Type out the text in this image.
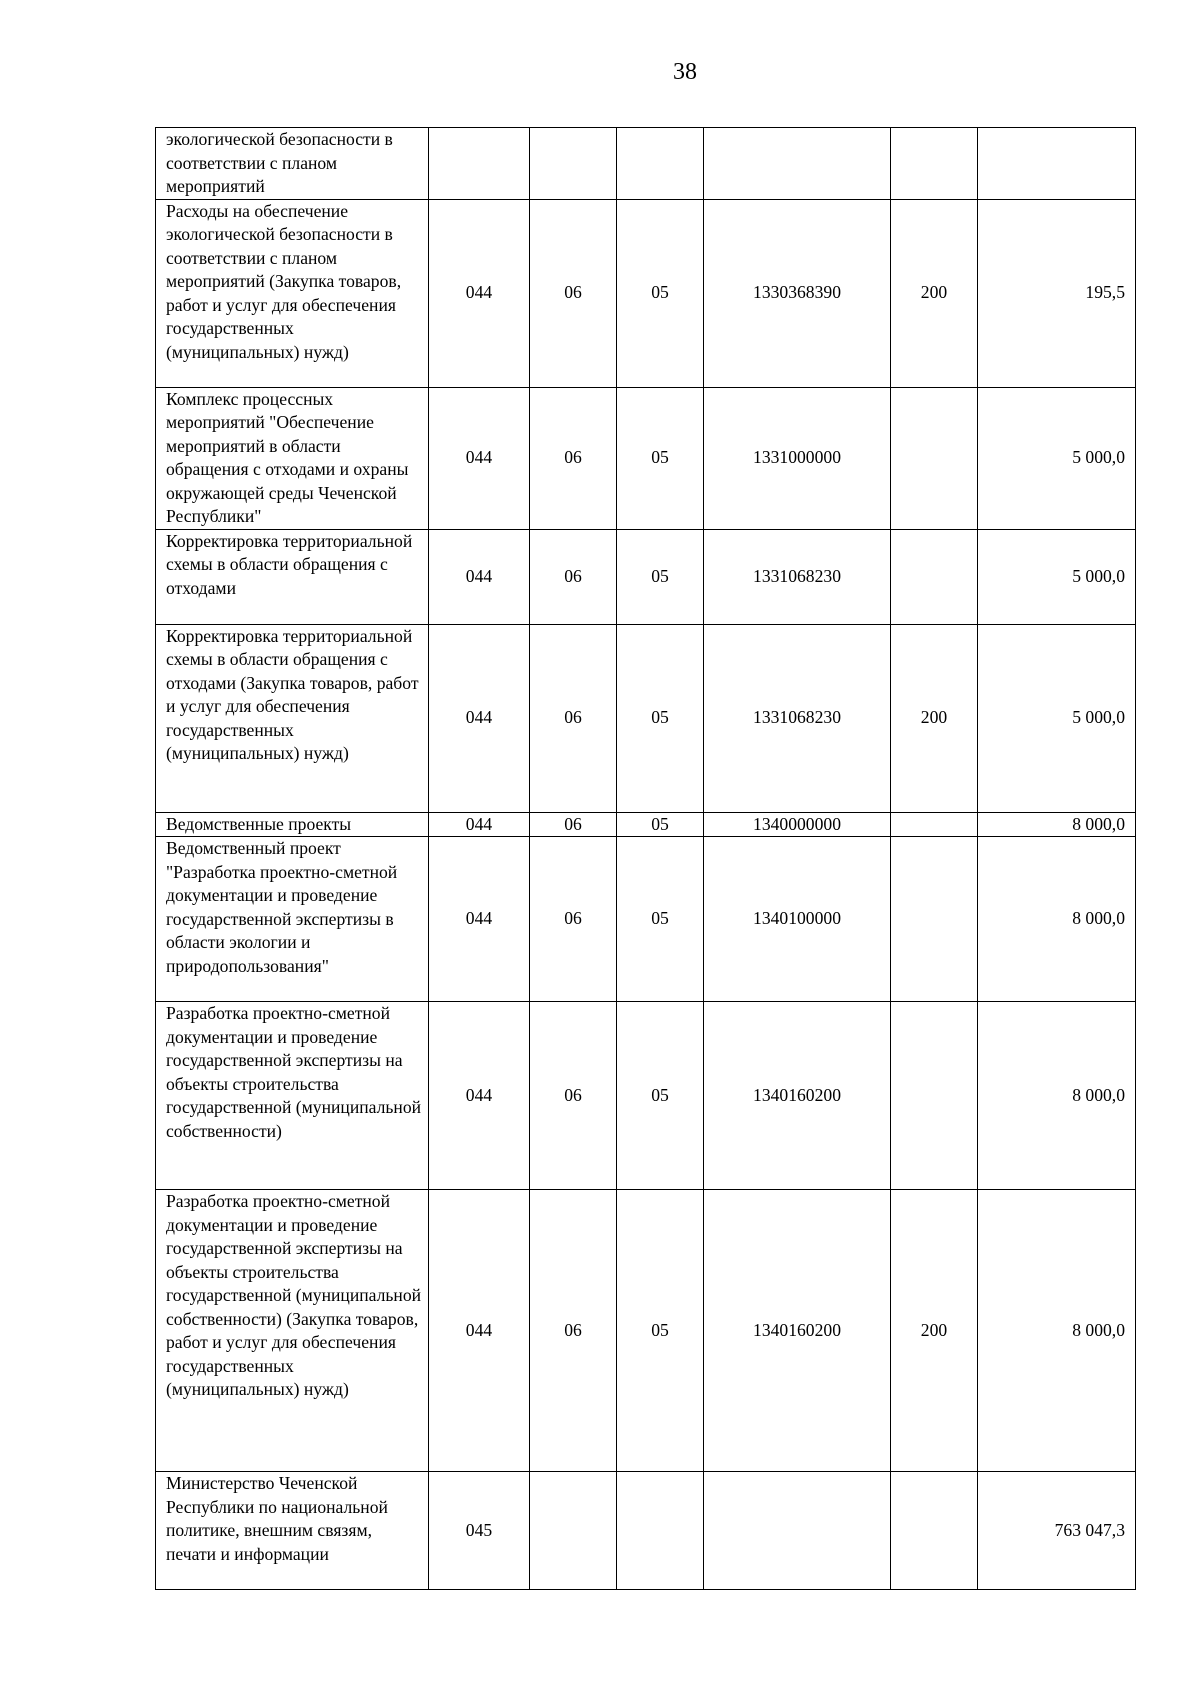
38
экологической безопасности в соответствии с планом мероприятий						
Расходы на обеспечение экологической безопасности в соответствии с планом мероприятий (Закупка товаров, работ и услуг для обеспечения государственных (муниципальных) нужд)	044	06	05	1330368390	200	195,5
Комплекс процессных мероприятий "Обеспечение мероприятий в области обращения с отходами и охраны окружающей среды Чеченской Республики"	044	06	05	1331000000		5 000,0
Корректировка территориальной схемы в области обращения с отходами	044	06	05	1331068230		5 000,0
Корректировка территориальной схемы в области обращения с отходами (Закупка товаров, работ и услуг для обеспечения государственных (муниципальных) нужд)	044	06	05	1331068230	200	5 000,0
Ведомственные проекты	044	06	05	1340000000		8 000,0
Ведомственный проект "Разработка проектно-сметной документации и проведение государственной экспертизы в области экологии и природопользования"	044	06	05	1340100000		8 000,0
Разработка проектно-сметной документации и проведение государственной экспертизы на объекты строительства государственной (муниципальной собственности)	044	06	05	1340160200		8 000,0
Разработка проектно-сметной документации и проведение государственной экспертизы на объекты строительства государственной (муниципальной собственности) (Закупка товаров, работ и услуг для обеспечения государственных (муниципальных) нужд)	044	06	05	1340160200	200	8 000,0
Министерство Чеченской Республики по национальной политике, внешним связям, печати и информации	045					763 047,3
